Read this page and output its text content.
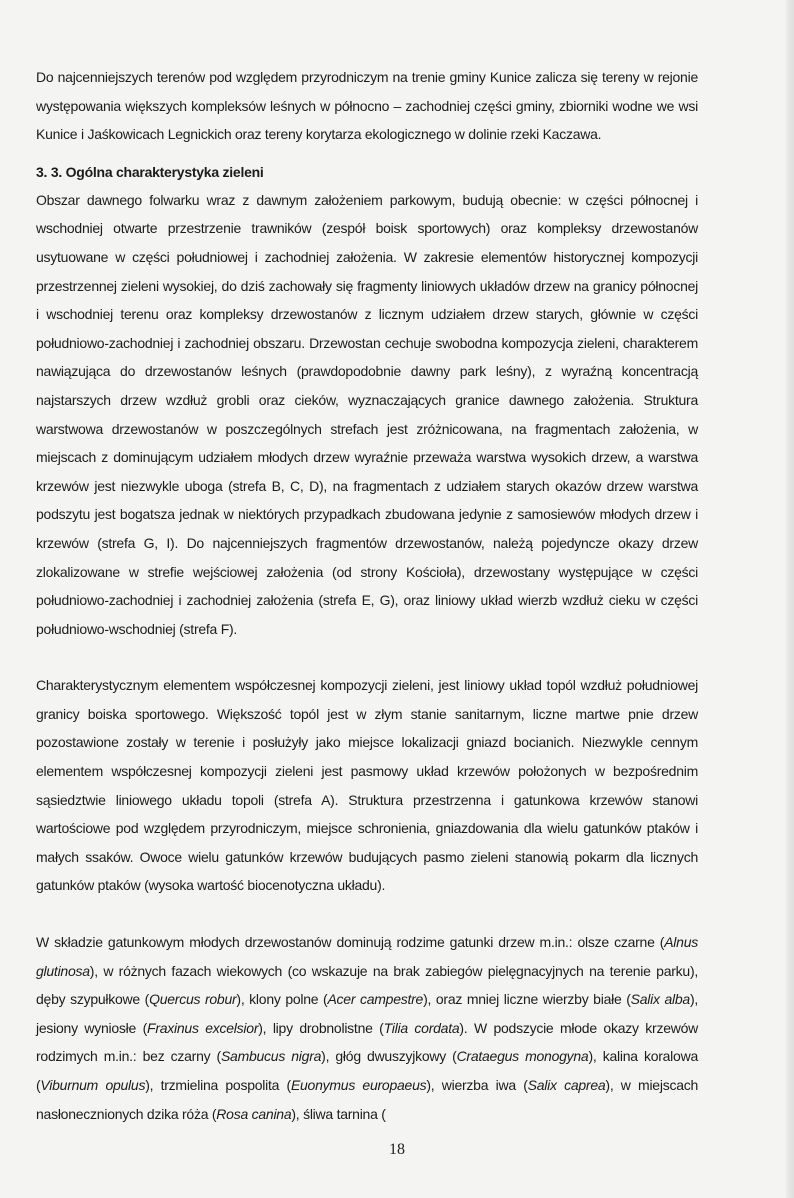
Do najcenniejszych terenów pod względem przyrodniczym na trenie gminy Kunice zalicza się tereny w rejonie występowania większych kompleksów leśnych w północno – zachodniej części gminy, zbiorniki wodne we wsi Kunice i Jaśkowicach Legnickich oraz tereny korytarza ekologicznego w dolinie rzeki Kaczawa.

3. 3. Ogólna charakterystyka zieleni

Obszar dawnego folwarku wraz z dawnym założeniem parkowym, budują obecnie: w części północnej i wschodniej otwarte przestrzenie trawników (zespół boisk sportowych) oraz kompleksy drzewostanów usytuowane w części południowej i zachodniej założenia. W zakresie elementów historycznej kompozycji przestrzennej zieleni wysokiej, do dziś zachowały się fragmenty liniowych układów drzew na granicy północnej i wschodniej terenu oraz kompleksy drzewostanów z licznym udziałem drzew starych, głównie w części południowo-zachodniej i zachodniej obszaru. Drzewostan cechuje swobodna kompozycja zieleni, charakterem nawiązująca do drzewostanów leśnych (prawdopodobnie dawny park leśny), z wyraźną koncentracją najstarszych drzew wzdłuż grobli oraz cieków, wyznaczających granice dawnego założenia. Struktura warstwowa drzewostanów w poszczególnych strefach jest zróżnicowana, na fragmentach założenia, w miejscach z dominującym udziałem młodych drzew wyraźnie przeważa warstwa wysokich drzew, a warstwa krzewów jest niezwykle uboga (strefa B, C, D), na fragmentach z udziałem starych okazów drzew warstwa podszytu jest bogatsza jednak w niektórych przypadkach zbudowana jedynie z samosiewów młodych drzew i krzewów (strefa G, I). Do najcenniejszych fragmentów drzewostanów, należą pojedyncze okazy drzew zlokalizowane w strefie wejściowej założenia (od strony Kościoła), drzewostany występujące w części południowo-zachodniej i zachodniej założenia (strefa E, G), oraz liniowy układ wierzb wzdłuż cieku w części południowo-wschodniej (strefa F).

Charakterystycznym elementem współczesnej kompozycji zieleni, jest liniowy układ topól wzdłuż południowej granicy boiska sportowego. Większość topól jest w złym stanie sanitarnym, liczne martwe pnie drzew pozostawione zostały w terenie i posłużyły jako miejsce lokalizacji gniazd bocianich. Niezwykle cennym elementem współczesnej kompozycji zieleni jest pasmowy układ krzewów położonych w bezpośrednim sąsiedztwie liniowego układu topoli (strefa A). Struktura przestrzenna i gatunkowa krzewów stanowi wartościowe pod względem przyrodniczym, miejsce schronienia, gniazdowania dla wielu gatunków ptaków i małych ssaków. Owoce wielu gatunków krzewów budujących pasmo zieleni stanowią pokarm dla licznych gatunków ptaków (wysoka wartość biocenotyczna układu).

W składzie gatunkowym młodych drzewostanów dominują rodzime gatunki drzew m.in.: olsze czarne (Alnus glutinosa), w różnych fazach wiekowych (co wskazuje na brak zabiegów pielęgnacyjnych na terenie parku), dęby szypułkowe (Quercus robur), klony polne (Acer campestre), oraz mniej liczne wierzby białe (Salix alba), jesiony wyniosłe (Fraxinus excelsior), lipy drobnolistne (Tilia cordata). W podszycie młode okazy krzewów rodzimych m.in.: bez czarny (Sambucus nigra), głóg dwuszyjkowy (Crataegus monogyna), kalina koralowa (Viburnum opulus), trzmielina pospolita (Euonymus europaeus), wierzba iwa (Salix caprea), w miejscach nasłonecznionych dzika róża (Rosa canina), śliwa tarnina (

18
